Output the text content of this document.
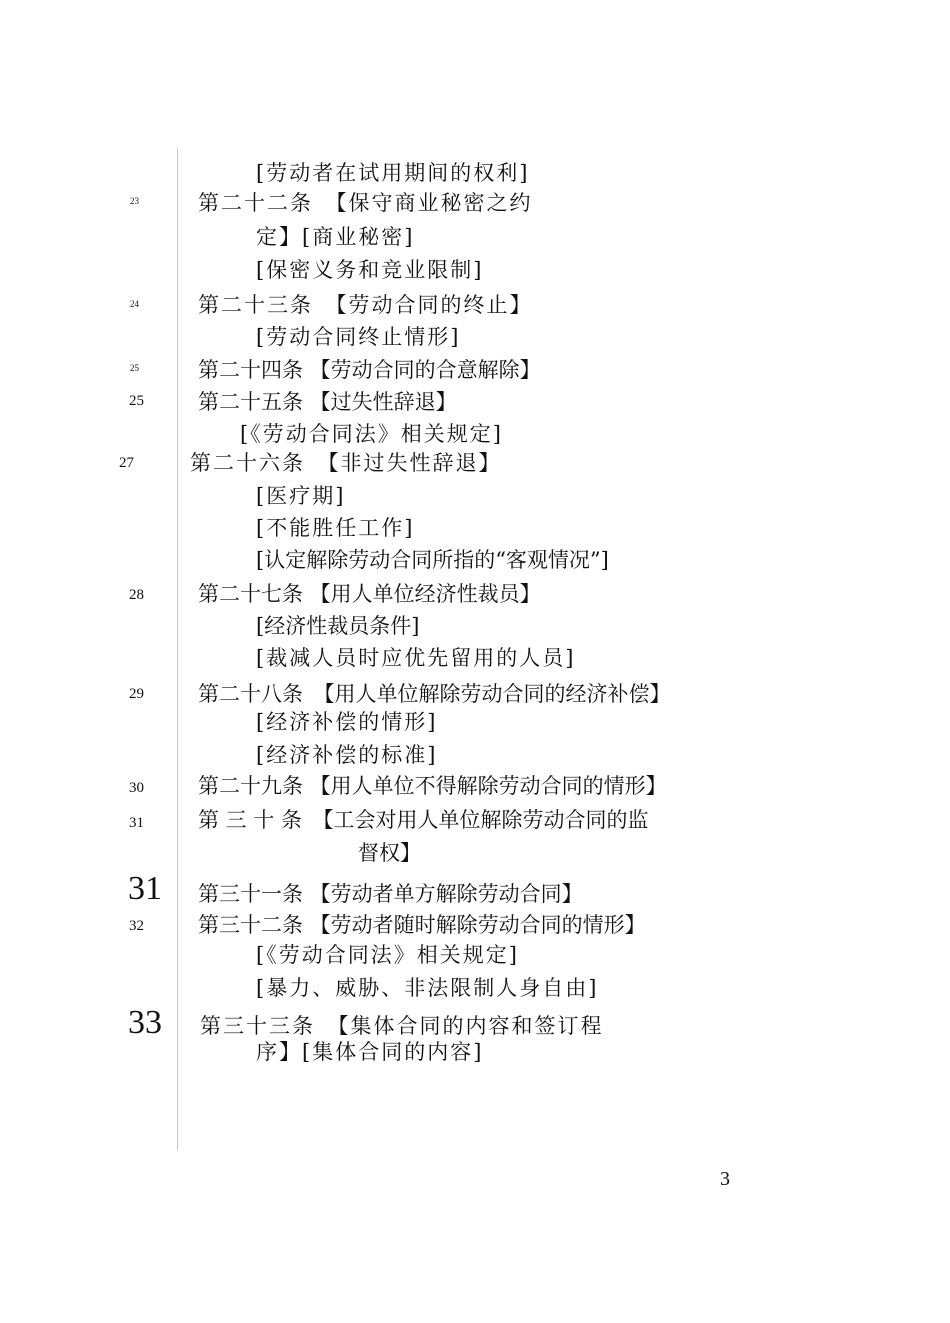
23
24
25
25
27
28
29
30
31
31
32
33
[劳动者在试用期间的权利]
第二十二条　【保守商业秘密之约
定】[商业秘密]
[保密义务和竞业限制]
第二十三条　【劳动合同的终止】
[劳动合同终止情形]
第二十四条 【劳动合同的合意解除】
第二十五条 【过失性辞退】
[《劳动合同法》相关规定]
第二十六条　【非过失性辞退】
[医疗期]
[不能胜任工作]
[认定解除劳动合同所指的“客观情况”]
第二十七条 【用人单位经济性裁员】
[经济性裁员条件]
[裁减人员时应优先留用的人员]
第二十八条　【用人单位解除劳动合同的经济补偿】
[经济补偿的情形]
[经济补偿的标准]
第二十九条 【用人单位不得解除劳动合同的情形】
第 三 十 条　【工会对用人单位解除劳动合同的监
督权】
第三十一条 【劳动者单方解除劳动合同】
第三十二条 【劳动者随时解除劳动合同的情形】
[《劳动合同法》相关规定]
[暴力、威胁、非法限制人身自由]
第三十三条　【集体合同的内容和签订程
序】[集体合同的内容]
3
